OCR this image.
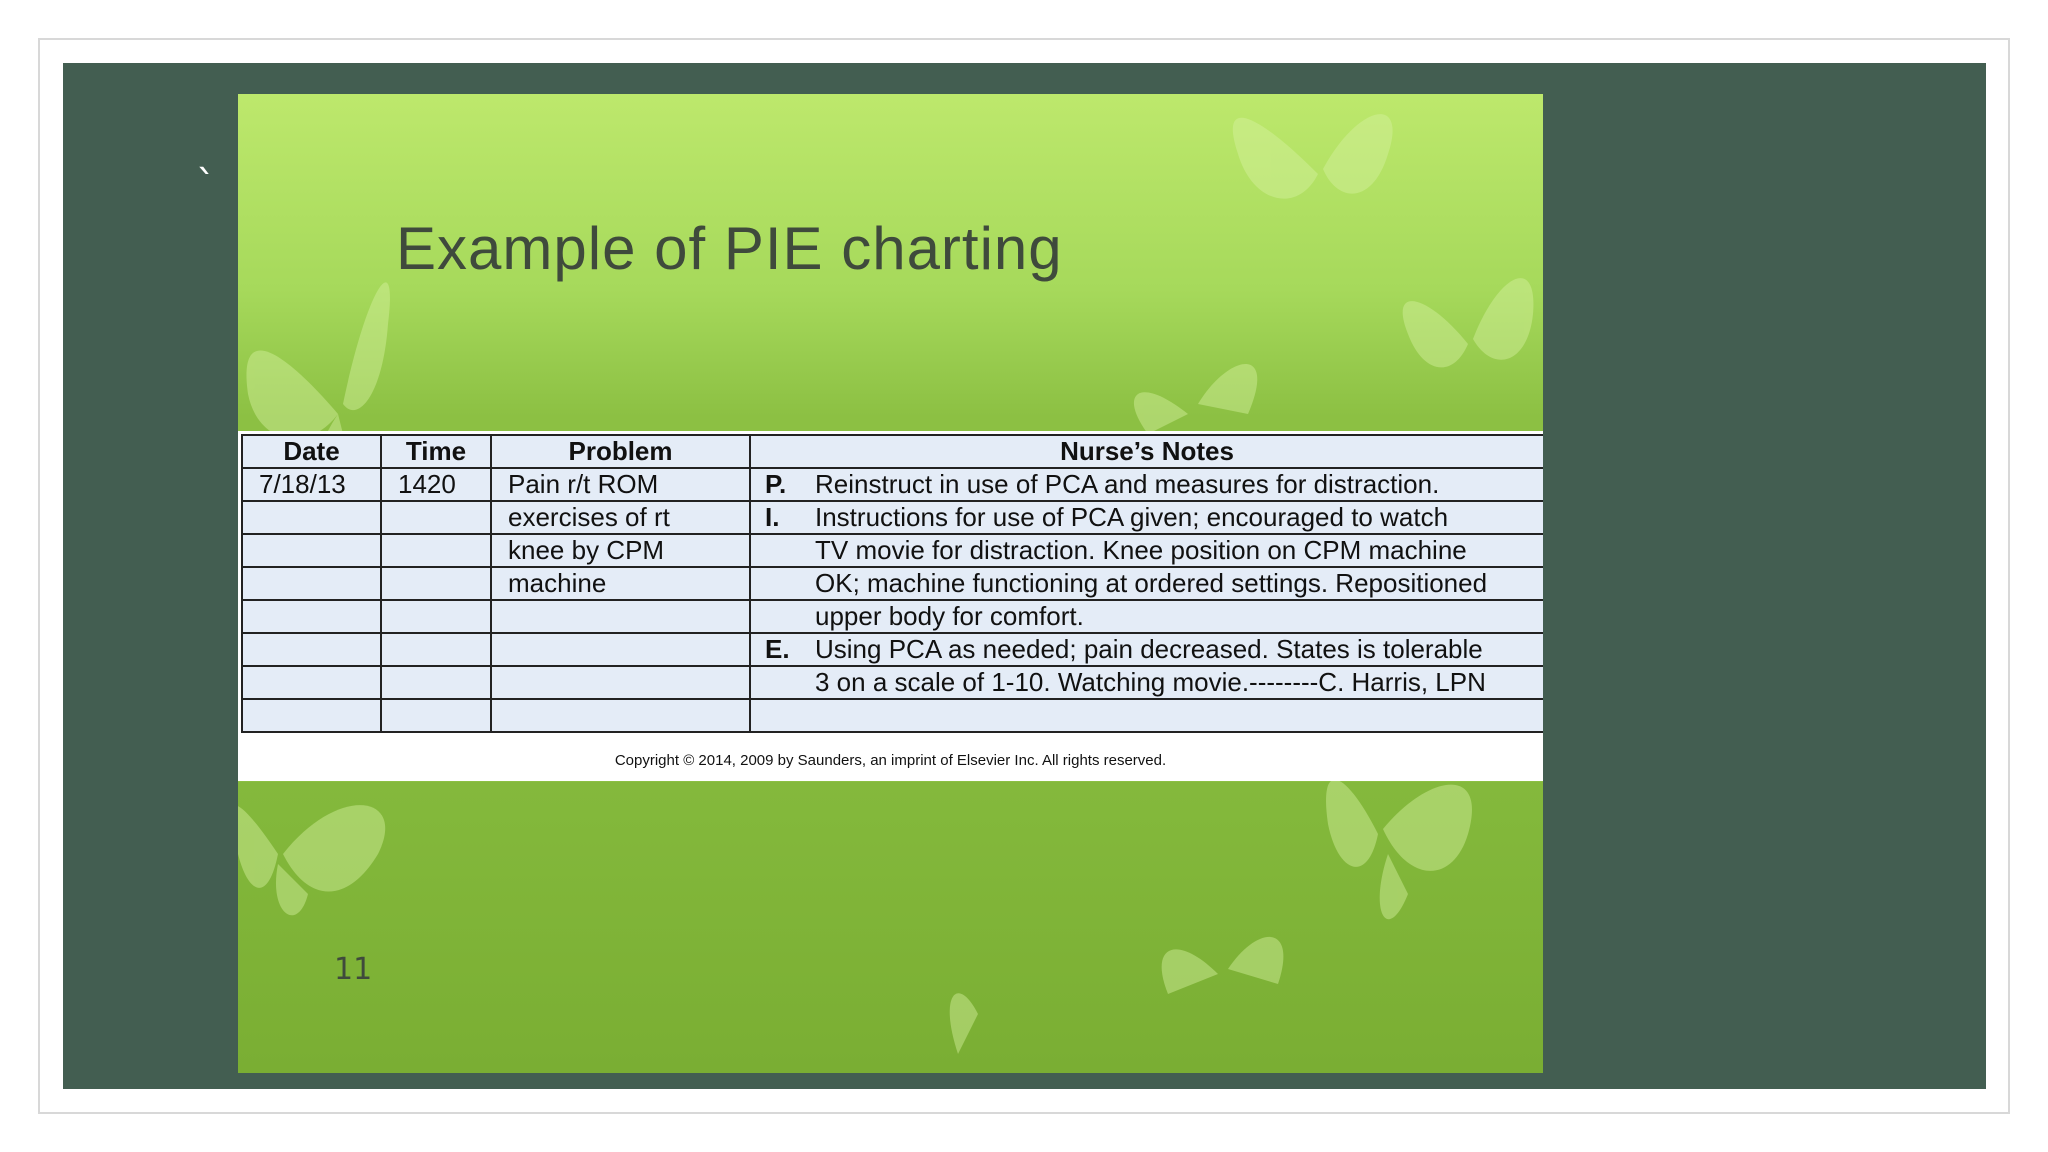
`
Example of PIE charting
Date	Time	Problem	Nurse’s Notes
7/18/13	1420	Pain r/t ROM	P. Reinstruct in use of PCA and measures for distraction.
		exercises of rt	I. Instructions for use of PCA given; encouraged to watch
		knee by CPM	TV movie for distraction. Knee position on CPM machine
		machine	OK; machine functioning at ordered settings. Repositioned
			upper body for comfort.
			E. Using PCA as needed; pain decreased. States is tolerable
			3 on a scale of 1-10. Watching movie.--------C. Harris, LPN

Copyright © 2014, 2009 by Saunders, an imprint of Elsevier Inc. All rights reserved.
11
